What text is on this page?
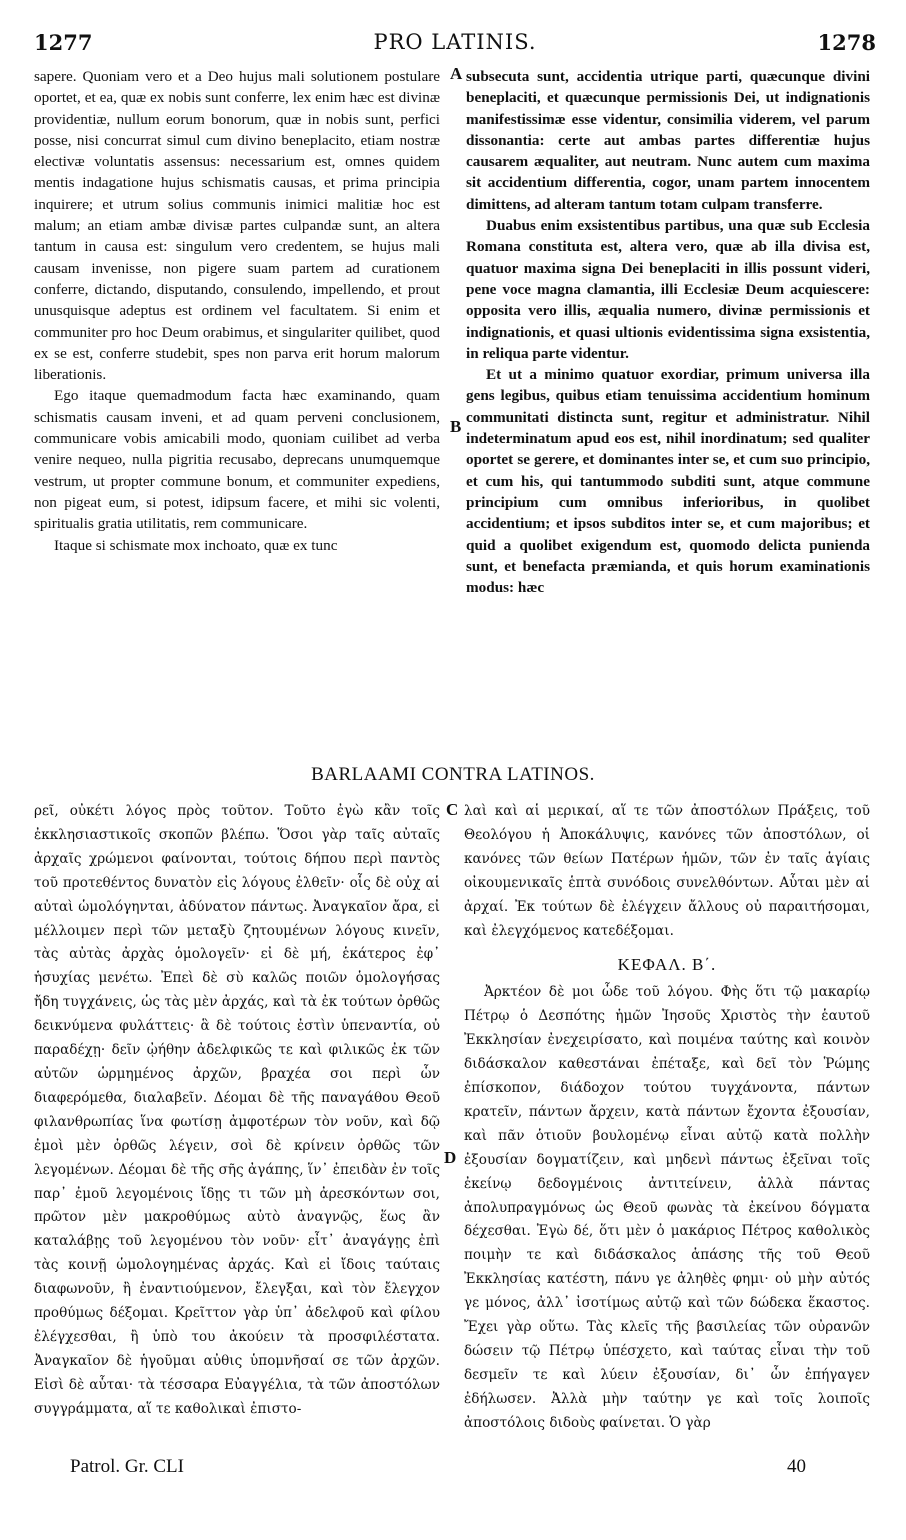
1277	PRO LATINIS.	1278

sapere. Quoniam vero et a Deo hujus mali solutionem postulare oportet, et ea, quæ ex nobis sunt conferre, lex enim hæc est divinæ providentiæ, nullum eorum bonorum, quæ in nobis sunt, perfici posse, nisi concurrat simul cum divino beneplacito, etiam nostræ electivæ voluntatis assensus: necessarium est, omnes quidem mentis indagatione hujus schismatis causas, et prima principia inquirere; et utrum solius communis inimici malitiæ hoc est malum; an etiam ambæ divisæ partes culpandæ sunt, an altera tantum in causa est: singulum vero credentem, se hujus mali causam invenisse, non pigere suam partem ad curationem conferre, dictando, disputando, consulendo, impellendo, et prout unusquisque adeptus est ordinem vel facultatem. Si enim et communiter pro hoc Deum orabimus, et singulariter quilibet, quod ex se est, conferre studebit, spes non parva erit horum malorum liberationis.

Ego itaque quemadmodum facta hæc examinando, quam schismatis causam inveni, et ad quam perveni conclusionem, communicare vobis amicabili modo, quoniam cuilibet ad verba venire nequeo, nulla pigritia recusabo, deprecans unumquemque vestrum, ut propter commune bonum, et communiter expediens, non pigeat eum, si potest, idipsum facere, et mihi sic volenti, spiritualis gratia utilitatis, rem communicare.

Itaque si schismate mox inchoato, quæ ex tunc

A
B

subsecuta sunt, accidentia utrique parti, quæcunque divini beneplaciti, et quæcunque permissionis Dei, ut indignationis manifestissimæ esse videntur, consimilia viderem, vel parum dissonantia: certe aut ambas partes differentiæ hujus causarem æqualiter, aut neutram. Nunc autem cum maxima sit accidentium differentia, cogor, unam partem innocentem dimittens, ad alteram tantum totam culpam transferre.

Duabus enim exsistentibus partibus, una quæ sub Ecclesia Romana constituta est, altera vero, quæ ab illa divisa est, quatuor maxima signa Dei beneplaciti in illis possunt videri, pene voce magna clamantia, illi Ecclesiæ Deum acquiescere: opposita vero illis, æqualia numero, divinæ permissionis et indignationis, et quasi ultionis evidentissima signa exsistentia, in reliqua parte videntur.

Et ut a minimo quatuor exordiar, primum universa illa gens legibus, quibus etiam tenuissima accidentium hominum communitati distincta sunt, regitur et administratur. Nihil indeterminatum apud eos est, nihil inordinatum; sed qualiter oportet se gerere, et dominantes inter se, et cum suo principio, et cum his, qui tantummodo subditi sunt, atque commune principium cum omnibus inferioribus, in quolibet accidentium; et ipsos subditos inter se, et cum majoribus; et quid a quolibet exigendum est, quomodo delicta punienda sunt, et benefacta præmianda, et quis horum examinationis modus: hæc

BARLAAMI CONTRA LATINOS.

ρεῖ, οὐκέτι λόγος πρὸς τοῦτον. Τοῦτο ἐγὼ κἂν τοῖς ἐκκλησιαστικοῖς σκοπῶν βλέπω. Ὅσοι γὰρ ταῖς αὐταῖς ἀρχαῖς χρώμενοι φαίνονται, τούτοις δήπου περὶ παντὸς τοῦ προτεθέντος δυνατὸν εἰς λόγους ἐλθεῖν· οἷς δὲ οὐχ αἱ αὐταὶ ὡμολόγηνται, ἀδύνατον πάντως. Ἀναγκαῖον ἄρα, εἰ μέλλοιμεν περὶ τῶν μεταξὺ ζητουμένων λόγους κινεῖν, τὰς αὐτὰς ἀρχὰς ὁμολογεῖν· εἰ δὲ μή, ἑκάτερος ἐφ᾽ ἡσυχίας μενέτω. Ἐπεὶ δὲ σὺ καλῶς ποιῶν ὁμολογήσας ἤδη τυγχάνεις, ὡς τὰς μὲν ἀρχάς, καὶ τὰ ἐκ τούτων ὀρθῶς δεικνύμενα φυλάττεις· ἃ δὲ τούτοις ἐστὶν ὑπεναντία, οὐ παραδέχῃ· δεῖν ᾠήθην ἀδελφικῶς τε καὶ φιλικῶς ἐκ τῶν αὐτῶν ὡρμημένος ἀρχῶν, βραχέα σοι περὶ ὧν διαφερόμεθα, διαλαβεῖν. Δέομαι δὲ τῆς παναγάθου Θεοῦ φιλανθρωπίας ἵνα φωτίσῃ ἀμφοτέρων τὸν νοῦν, καὶ δῷ ἐμοὶ μὲν ὀρθῶς λέγειν, σοὶ δὲ κρίνειν ὀρθῶς τῶν λεγομένων. Δέομαι δὲ τῆς σῆς ἀγάπης, ἵν᾽ ἐπειδὰν ἐν τοῖς παρ᾽ ἐμοῦ λεγομένοις ἴδῃς τι τῶν μὴ ἀρεσκόντων σοι, πρῶτον μὲν μακροθύμως αὐτὸ ἀναγνῷς, ἕως ἂν καταλάβῃς τοῦ λεγομένου τὸν νοῦν· εἶτ᾽ ἀναγάγῃς ἐπὶ τὰς κοινῇ ὡμολογημένας ἀρχάς. Καὶ εἰ ἴδοις ταύταις διαφωνοῦν, ἢ ἐναντιούμενον, ἔλεγξαι, καὶ τὸν ἔλεγχον προθύμως δέξομαι. Κρεῖττον γὰρ ὑπ᾽ ἀδελφοῦ καὶ φίλου ἐλέγχεσθαι, ἢ ὑπὸ του ἀκούειν τὰ προσφιλέστατα. Ἀναγκαῖον δὲ ἡγοῦμαι αὐθις ὑπομνῆσαί σε τῶν ἀρχῶν. Εἰσὶ δὲ αὗται· τὰ τέσσαρα Εὐαγγέλια, τὰ τῶν ἀποστόλων συγγράμματα, αἵ τε καθολικαὶ ἐπιστο-

C
D

λαὶ καὶ αἱ μερικαί, αἵ τε τῶν ἀποστόλων Πράξεις, τοῦ Θεολόγου ἡ Ἀποκάλυψις, κανόνες τῶν ἀποστόλων, οἱ κανόνες τῶν θείων Πατέρων ἡμῶν, τῶν ἐν ταῖς ἁγίαις οἰκουμενικαῖς ἑπτὰ συνόδοις συνελθόντων. Αὗται μὲν αἱ ἀρχαί. Ἐκ τούτων δὲ ἐλέγχειν ἄλλους οὐ παραιτήσομαι, καὶ ἐλεγχόμενος κατεδέξομαι.

ΚΕΦΑΛ. Β΄.

Ἀρκτέον δὲ μοι ὧδε τοῦ λόγου. Φὴς ὅτι τῷ μακαρίῳ Πέτρῳ ὁ Δεσπότης ἡμῶν Ἰησοῦς Χριστὸς τὴν ἑαυτοῦ Ἐκκλησίαν ἐνεχειρίσατο, καὶ ποιμένα ταύτης καὶ κοινὸν διδάσκαλον καθεστάναι ἐπέταξε, καὶ δεῖ τὸν Ῥώμης ἐπίσκοπον, διάδοχον τούτου τυγχάνοντα, πάντων κρατεῖν, πάντων ἄρχειν, κατὰ πάντων ἔχοντα ἐξουσίαν, καὶ πᾶν ὁτιοῦν βουλομένῳ εἶναι αὐτῷ κατὰ πολλὴν ἐξουσίαν δογματίζειν, καὶ μηδενὶ πάντως ἐξεῖναι τοῖς ἐκείνῳ δεδογμένοις ἀντιτείνειν, ἀλλὰ πάντας ἀπολυπραγμόνως ὡς Θεοῦ φωνὰς τὰ ἐκείνου δόγματα δέχεσθαι. Ἐγὼ δέ, ὅτι μὲν ὁ μακάριος Πέτρος καθολικὸς ποιμὴν τε καὶ διδάσκαλος ἁπάσης τῆς τοῦ Θεοῦ Ἐκκλησίας κατέστη, πάνυ γε ἀληθὲς φημι· οὐ μὴν αὐτός γε μόνος, ἀλλ᾽ ἰσοτίμως αὐτῷ καὶ τῶν δώδεκα ἕκαστος. Ἔχει γὰρ οὕτω. Τὰς κλεῖς τῆς βασιλείας τῶν οὐρανῶν δώσειν τῷ Πέτρῳ ὑπέσχετο, καὶ ταύτας εἶναι τὴν τοῦ δεσμεῖν τε καὶ λύειν ἐξουσίαν, δι᾽ ὧν ἐπήγαγεν ἐδήλωσεν. Ἀλλὰ μὴν ταύτην γε καὶ τοῖς λοιποῖς ἀποστόλοις διδοὺς φαίνεται. Ὁ γὰρ

Patrol. Gr. CLI	40
